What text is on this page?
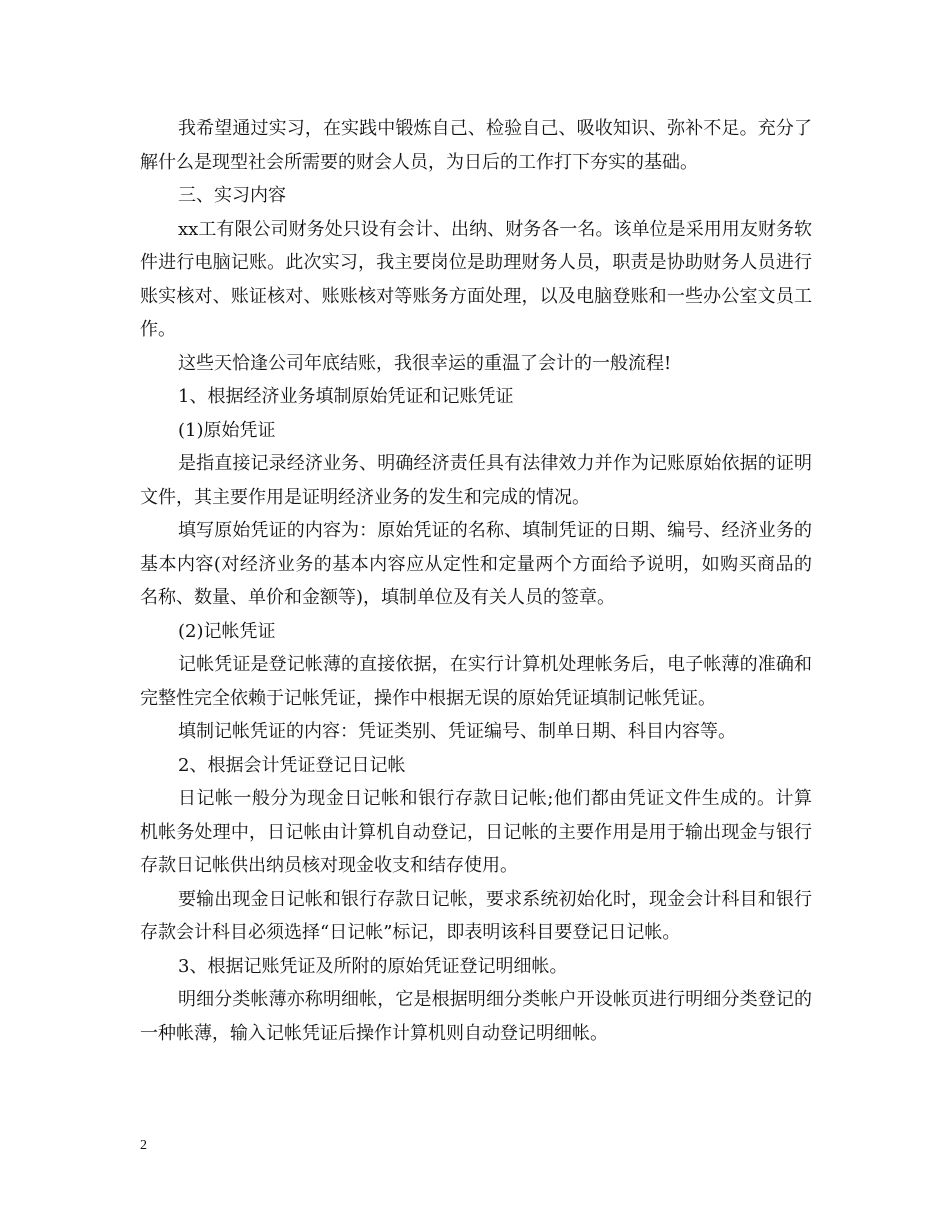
我希望通过实习，在实践中锻炼自己、检验自己、吸收知识、弥补不足。充分了解什么是现型社会所需要的财会人员，为日后的工作打下夯实的基础。

三、实习内容

xx工有限公司财务处只设有会计、出纳、财务各一名。该单位是采用用友财务软件进行电脑记账。此次实习，我主要岗位是助理财务人员，职责是协助财务人员进行账实核对、账证核对、账账核对等账务方面处理，以及电脑登账和一些办公室文员工作。

这些天恰逢公司年底结账，我很幸运的重温了会计的一般流程!

1、根据经济业务填制原始凭证和记账凭证

(1)原始凭证

是指直接记录经济业务、明确经济责任具有法律效力并作为记账原始依据的证明文件，其主要作用是证明经济业务的发生和完成的情况。

填写原始凭证的内容为：原始凭证的名称、填制凭证的日期、编号、经济业务的基本内容(对经济业务的基本内容应从定性和定量两个方面给予说明，如购买商品的名称、数量、单价和金额等)，填制单位及有关人员的签章。

(2)记帐凭证

记帐凭证是登记帐薄的直接依据，在实行计算机处理帐务后，电子帐薄的准确和完整性完全依赖于记帐凭证，操作中根据无误的原始凭证填制记帐凭证。

填制记帐凭证的内容：凭证类别、凭证编号、制单日期、科目内容等。

2、根据会计凭证登记日记帐

日记帐一般分为现金日记帐和银行存款日记帐;他们都由凭证文件生成的。计算机帐务处理中，日记帐由计算机自动登记，日记帐的主要作用是用于输出现金与银行存款日记帐供出纳员核对现金收支和结存使用。

要输出现金日记帐和银行存款日记帐，要求系统初始化时，现金会计科目和银行存款会计科目必须选择“日记帐”标记，即表明该科目要登记日记帐。

3、根据记账凭证及所附的原始凭证登记明细帐。

明细分类帐薄亦称明细帐，它是根据明细分类帐户开设帐页进行明细分类登记的一种帐薄，输入记帐凭证后操作计算机则自动登记明细帐。

2
